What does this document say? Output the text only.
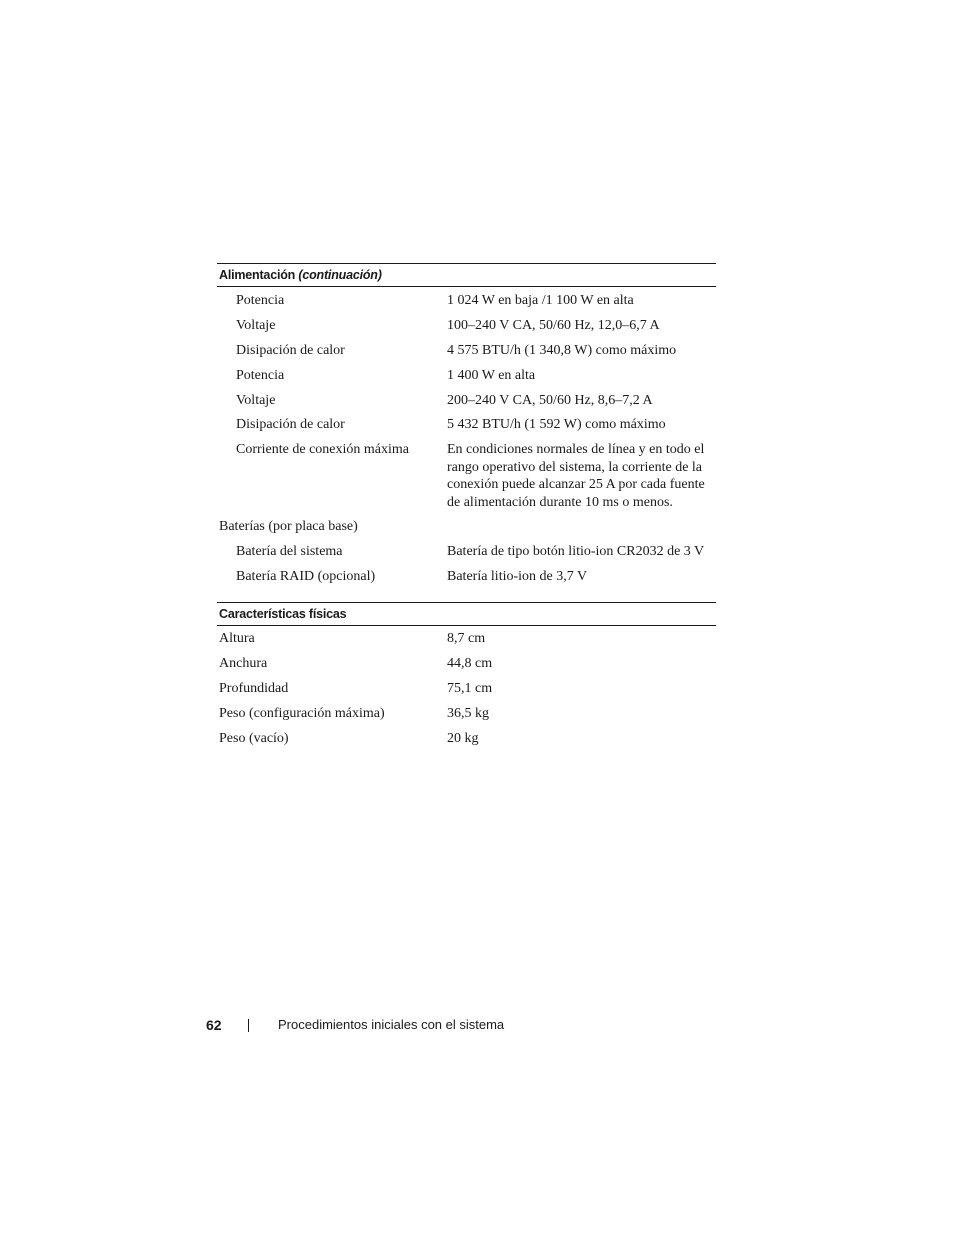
Alimentación (continuación)
Potencia	1 024 W en baja /1 100 W en alta
Voltaje	100–240 V CA, 50/60 Hz, 12,0–6,7 A
Disipación de calor	4 575 BTU/h (1 340,8 W) como máximo
Potencia	1 400 W en alta
Voltaje	200–240 V CA, 50/60 Hz, 8,6–7,2 A
Disipación de calor	5 432 BTU/h (1 592 W) como máximo
Corriente de conexión máxima	En condiciones normales de línea y en todo el
rango operativo del sistema, la corriente de la
conexión puede alcanzar 25 A por cada fuente
de alimentación durante 10 ms o menos.
Baterías (por placa base)
Batería del sistema	Batería de tipo botón litio-ion CR2032 de 3 V
Batería RAID (opcional)	Batería litio-ion de 3,7 V
Características físicas
Altura	8,7 cm
Anchura	44,8 cm
Profundidad	75,1 cm
Peso (configuración máxima)	36,5 kg
Peso (vacío)	20 kg
62	Procedimientos iniciales con el sistema
